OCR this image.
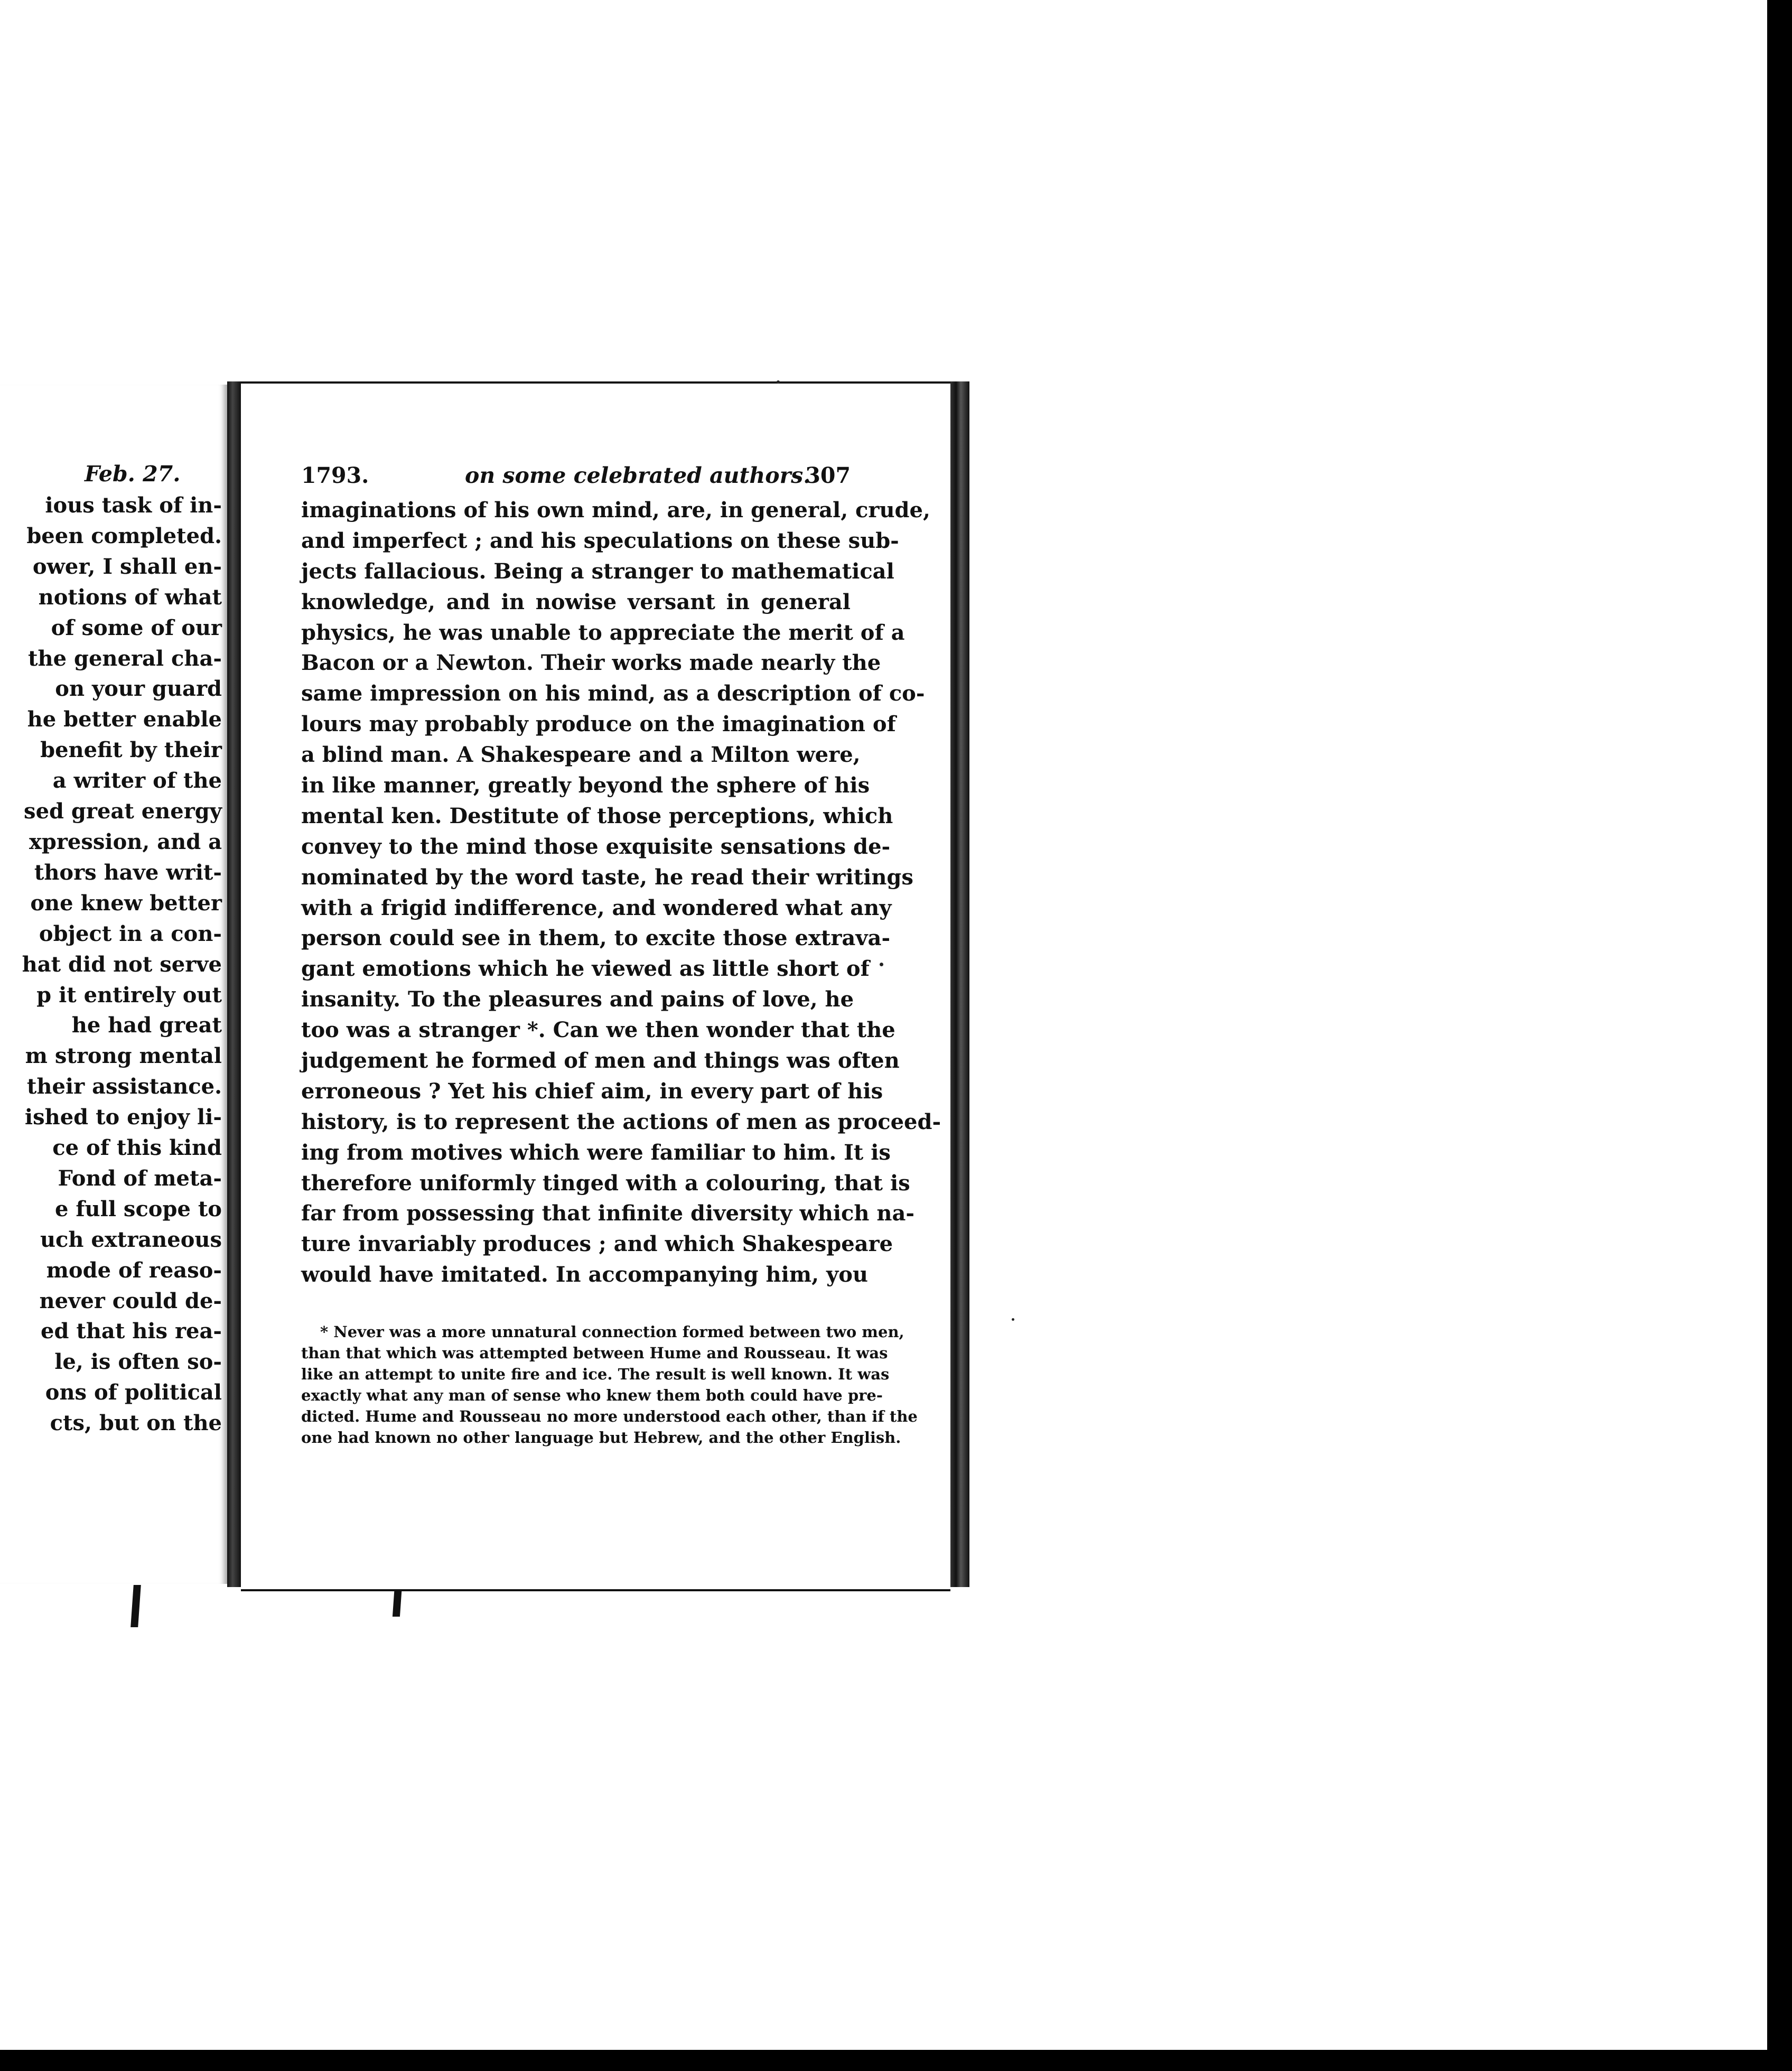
Feb. 27.
ious task of in-
been completed.
ower, I shall en-
notions of what
of some of our
the general cha-
on your guard
he better enable
benefit by their
a writer of the
sed great energy
xpression, and a
thors have writ-
one knew better
object in a con-
hat did not serve
p it entirely out
he had great
m strong mental
their assistance.
ished to enjoy li-
ce of this kind
Fond of meta-
e full scope to
uch extraneous
mode of reaso-
never could de-
ed that his rea-
le, is often so-
ons of political
cts, but on the
1793.	on some celebrated authors.
307
imaginations of his own mind, are, in general, crude,
and imperfect ; and his speculations on these sub-
jects fallacious. Being a stranger to mathematical
knowledge, and in nowise versant in general
physics, he was unable to appreciate the merit of a
Bacon or a Newton. Their works made nearly the
same impression on his mind, as a description of co-
lours may probably produce on the imagination of
a blind man. A Shakespeare and a Milton were,
in like manner, greatly beyond the sphere of his
mental ken. Destitute of those perceptions, which
convey to the mind those exquisite sensations de-
nominated by the word taste, he read their writings
with a frigid indifference, and wondered what any
person could see in them, to excite those extrava-
gant emotions which he viewed as little short of
insanity. To the pleasures and pains of love, he
too was a stranger *. Can we then wonder that the
judgement he formed of men and things was often
erroneous ? Yet his chief aim, in every part of his
history, is to represent the actions of men as proceed-
ing from motives which were familiar to him. It is
therefore uniformly tinged with a colouring, that is
far from possessing that infinite diversity which na-
ture invariably produces ; and which Shakespeare
would have imitated. In accompanying him, you
* Never was a more unnatural connection formed between two men,
than that which was attempted between Hume and Rousseau. It was
like an attempt to unite fire and ice. The result is well known. It was
exactly what any man of sense who knew them both could have pre-
dicted. Hume and Rousseau no more understood each other, than if the
one had known no other language but Hebrew, and the other English.
